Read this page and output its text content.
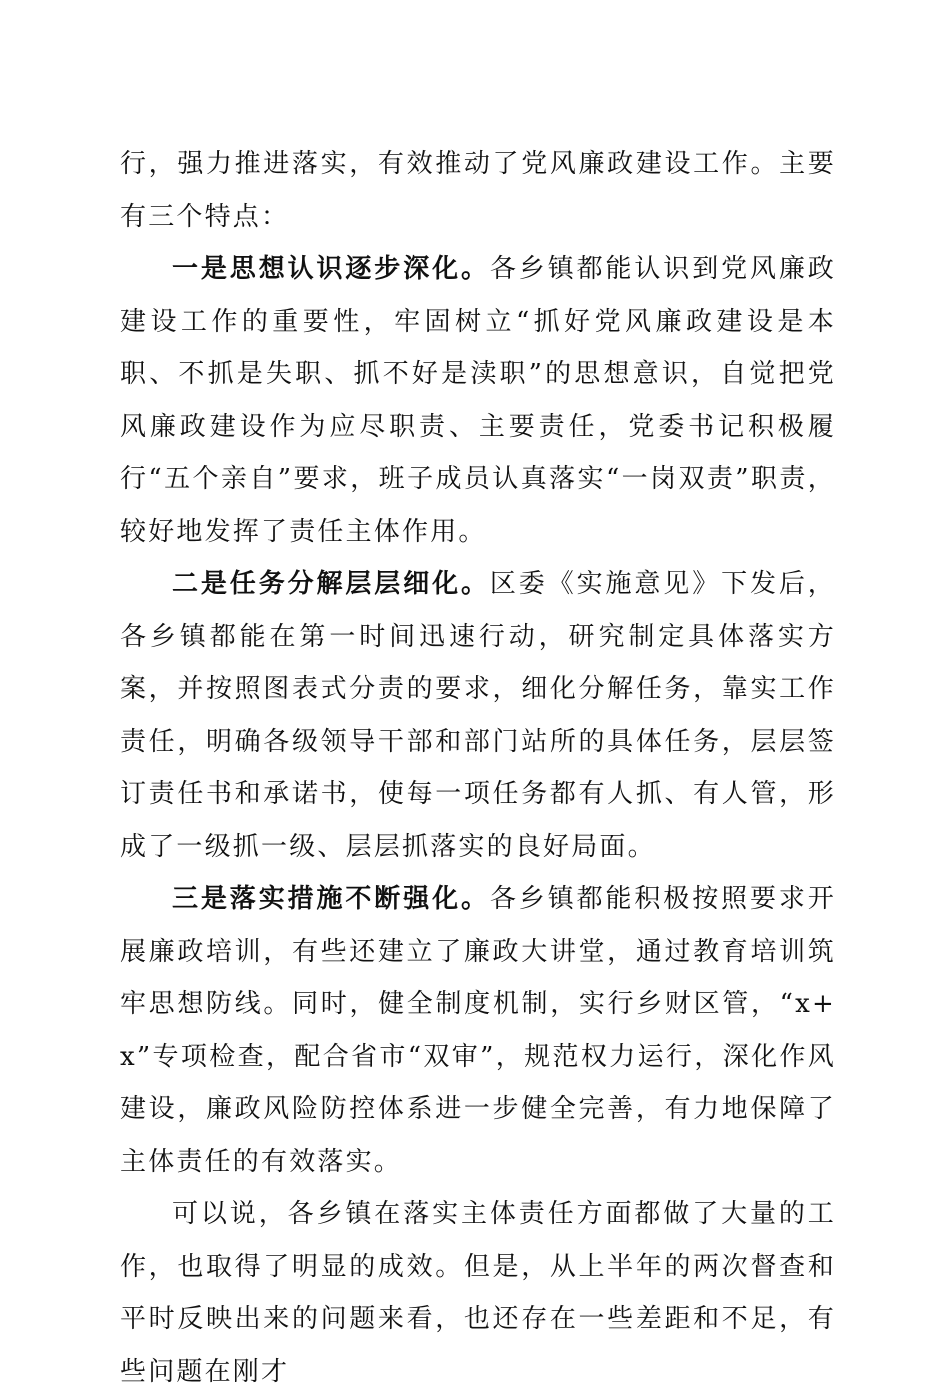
行，强力推进落实，有效推动了党风廉政建设工作。主要有三个特点：

一是思想认识逐步深化。各乡镇都能认识到党风廉政建设工作的重要性，牢固树立“抓好党风廉政建设是本职、不抓是失职、抓不好是渎职”的思想意识，自觉把党风廉政建设作为应尽职责、主要责任，党委书记积极履行“五个亲自”要求，班子成员认真落实“一岗双责”职责，较好地发挥了责任主体作用。

二是任务分解层层细化。区委《实施意见》下发后，各乡镇都能在第一时间迅速行动，研究制定具体落实方案，并按照图表式分责的要求，细化分解任务，靠实工作责任，明确各级领导干部和部门站所的具体任务，层层签订责任书和承诺书，使每一项任务都有人抓、有人管，形成了一级抓一级、层层抓落实的良好局面。

三是落实措施不断强化。各乡镇都能积极按照要求开展廉政培训，有些还建立了廉政大讲堂，通过教育培训筑牢思想防线。同时，健全制度机制，实行乡财区管，“x+x”专项检查，配合省市“双审”，规范权力运行，深化作风建设，廉政风险防控体系进一步健全完善，有力地保障了主体责任的有效落实。

可以说，各乡镇在落实主体责任方面都做了大量的工作，也取得了明显的成效。但是，从上半年的两次督查和平时反映出来的问题来看，也还存在一些差距和不足，有些问题在刚才
